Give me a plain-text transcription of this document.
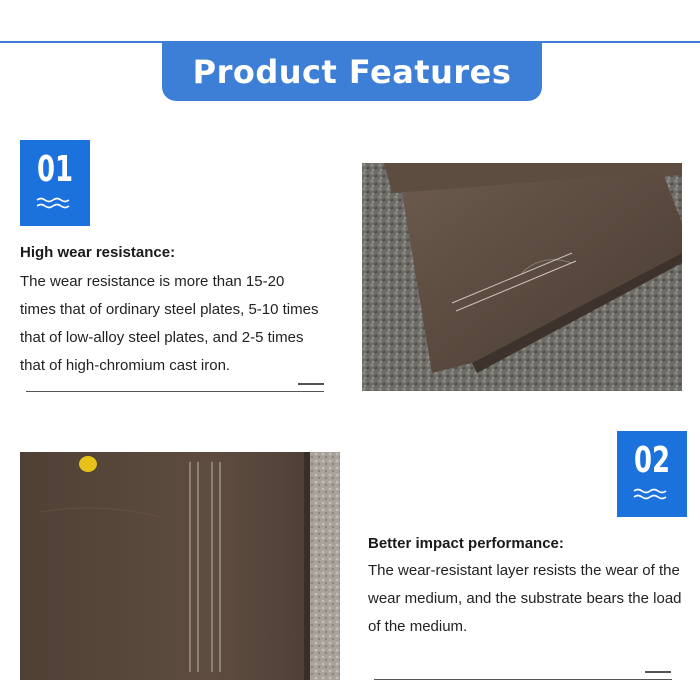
Product Features
01
High wear resistance:
The wear resistance is more than 15-20 times that of ordinary steel plates, 5-10 times that of low-alloy steel plates, and 2-5 times that of high-chromium cast iron.
02
Better impact performance:
The wear-resistant layer resists the wear of the wear medium, and the substrate bears the load of the medium.
